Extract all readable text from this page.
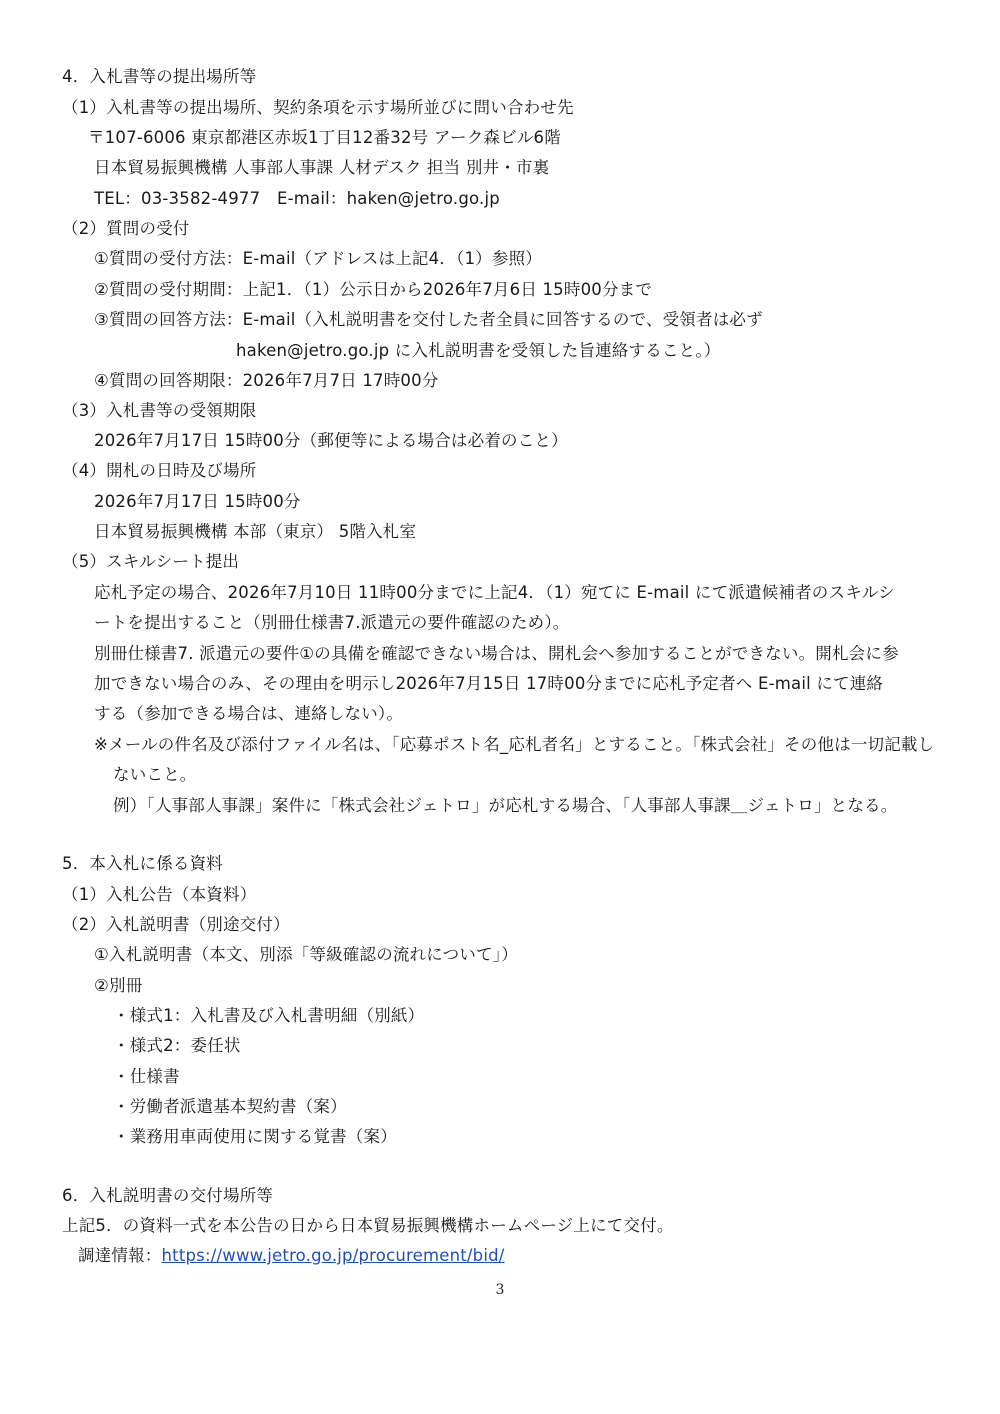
4．入札書等の提出場所等
（1）入札書等の提出場所、契約条項を示す場所並びに問い合わせ先
〒107-6006 東京都港区赤坂1丁目12番32号 アーク森ビル6階
日本貿易振興機構 人事部人事課 人材デスク 担当 別井・市裏
TEL：03-3582-4977　E-mail：haken@jetro.go.jp
（2）質問の受付
①質問の受付方法：E-mail（アドレスは上記4．（1）参照）
②質問の受付期間：上記1．（1）公示日から2026年7月6日 15時00分まで
③質問の回答方法：E-mail（入札説明書を交付した者全員に回答するので、受領者は必ず
haken@jetro.go.jp に入札説明書を受領した旨連絡すること。）
④質問の回答期限：2026年7月7日 17時00分
（3）入札書等の受領期限
2026年7月17日 15時00分（郵便等による場合は必着のこと）
（4）開札の日時及び場所
2026年7月17日 15時00分
日本貿易振興機構 本部（東京） 5階入札室
（5）スキルシート提出
応札予定の場合、2026年7月10日 11時00分までに上記4．（1）宛てに E-mail にて派遣候補者のスキルシ
ートを提出すること（別冊仕様書7.派遣元の要件確認のため）。
別冊仕様書7. 派遣元の要件①の具備を確認できない場合は、開札会へ参加することができない。開札会に参
加できない場合のみ、その理由を明示し2026年7月15日 17時00分までに応札予定者へ E-mail にて連絡
する（参加できる場合は、連絡しない）。
※メールの件名及び添付ファイル名は、「応募ポスト名_応札者名」とすること。「株式会社」その他は一切記載し
ないこと。
例）「人事部人事課」案件に「株式会社ジェトロ」が応札する場合、「人事部人事課＿ジェトロ」となる。
5．本入札に係る資料
（1）入札公告（本資料）
（2）入札説明書（別途交付）
①入札説明書（本文、別添「等級確認の流れについて」）
②別冊
・様式1：入札書及び入札書明細（別紙）
・様式2：委任状
・仕様書
・労働者派遣基本契約書（案）
・業務用車両使用に関する覚書（案）
6．入札説明書の交付場所等
上記5．の資料一式を本公告の日から日本貿易振興機構ホームページ上にて交付。
調達情報：https://www.jetro.go.jp/procurement/bid/
3
